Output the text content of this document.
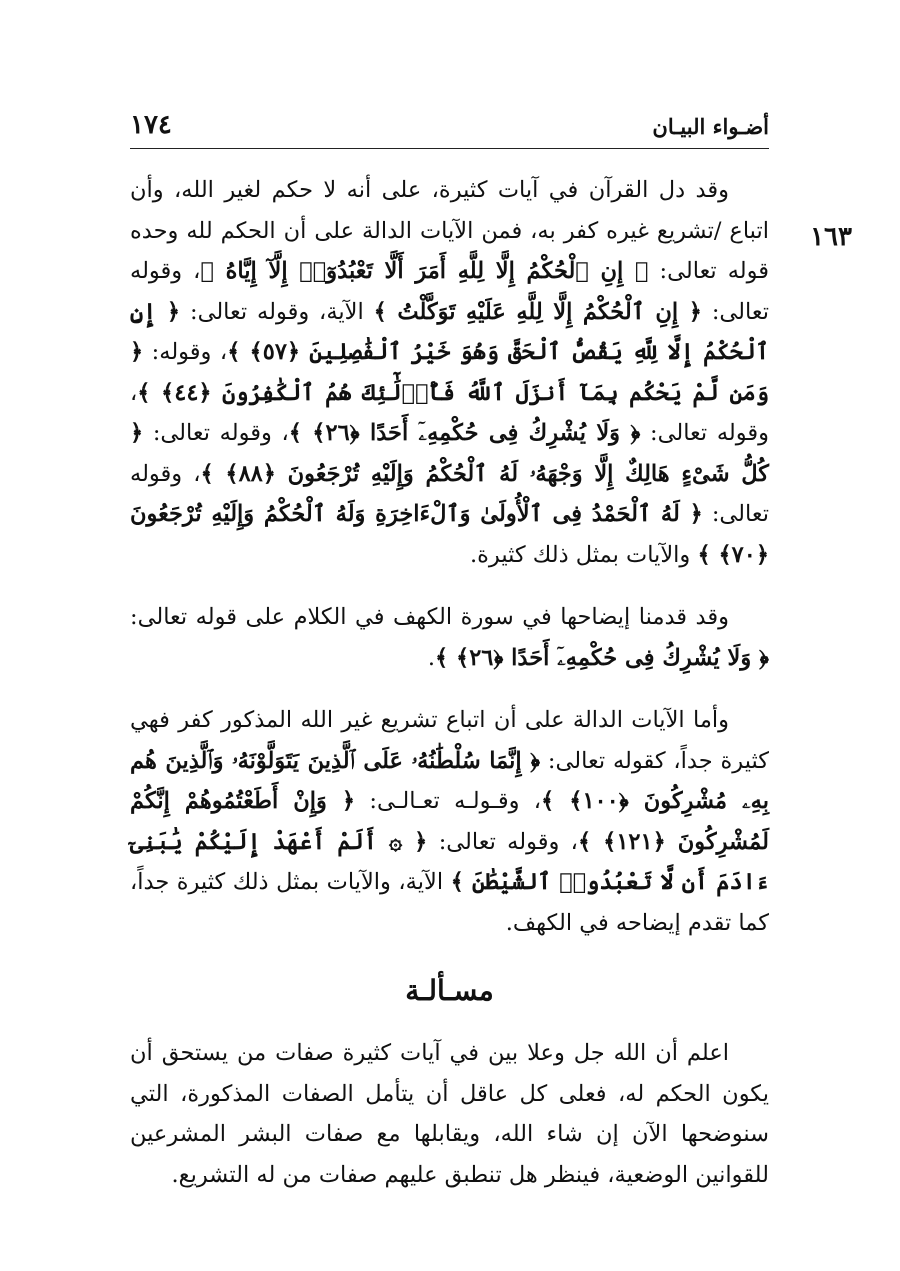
أضـواء البيـان
١٧٤
١٦٣

وقد دل القرآن في آيات كثيرة، على أنه لا حكم لغير الله، وأن اتباع /تشريع غيره كفر به، فمن الآيات الدالة على أن الحكم لله وحده قوله تعالى: ﴿ إِنِ ٱلْحُكْمُ إِلَّا لِلَّهِ أَمَرَ أَلَّا تَعْبُدُوٓا۟ إِلَّآ إِيَّاهُ ﴾، وقوله تعالى: ﴿ إِنِ ٱلْحُكْمُ إِلَّا لِلَّهِ عَلَيْهِ تَوَكَّلْتُ ﴾ الآية، وقوله تعالى: ﴿ إِنِ ٱلْحُكْمُ إِلَّا لِلَّهِ يَقُصُّ ٱلْحَقَّ وَهُوَ خَيْرُ ٱلْفَٰصِلِينَ ﴿٥٧﴾ ﴾، وقوله: ﴿ وَمَن لَّمْ يَحْكُم بِمَآ أَنزَلَ ٱللَّهُ فَأُو۟لَٰٓئِكَ هُمُ ٱلْكَٰفِرُونَ ﴿٤٤﴾ ﴾، وقوله تعالى: ﴿ وَلَا يُشْرِكُ فِى حُكْمِهِۦٓ أَحَدًا ﴿٢٦﴾ ﴾، وقوله تعالى: ﴿ كُلُّ شَىْءٍ هَالِكٌ إِلَّا وَجْهَهُۥ لَهُ ٱلْحُكْمُ وَإِلَيْهِ تُرْجَعُونَ ﴿٨٨﴾ ﴾، وقوله تعالى: ﴿ لَهُ ٱلْحَمْدُ فِى ٱلْأُولَىٰ وَٱلْءَاخِرَةِ وَلَهُ ٱلْحُكْمُ وَإِلَيْهِ تُرْجَعُونَ ﴿٧٠﴾ ﴾ والآيات بمثل ذلك كثيرة.

وقد قدمنا إيضاحها في سورة الكهف في الكلام على قوله تعالى: ﴿ وَلَا يُشْرِكُ فِى حُكْمِهِۦٓ أَحَدًا ﴿٢٦﴾ ﴾.

وأما الآيات الدالة على أن اتباع تشريع غير الله المذكور كفر فهي كثيرة جداً، كقوله تعالى: ﴿ إِنَّمَا سُلْطَٰنُهُۥ عَلَى ٱلَّذِينَ يَتَوَلَّوْنَهُۥ وَٱلَّذِينَ هُم بِهِۦ مُشْرِكُونَ ﴿١٠٠﴾ ﴾، وقـولـه تعـالـى: ﴿ وَإِنْ أَطَعْتُمُوهُمْ إِنَّكُمْ لَمُشْرِكُونَ ﴿١٢١﴾ ﴾، وقوله تعالى: ﴿ ۞ أَلَمْ أَعْهَدْ إِلَيْكُمْ يَٰبَنِىٓ ءَادَمَ أَن لَّا تَعْبُدُوا۟ ٱلشَّيْطَٰنَ ﴾ الآية، والآيات بمثل ذلك كثيرة جداً، كما تقدم إيضاحه في الكهف.

مسـألـة

اعلم أن الله جل وعلا بين في آيات كثيرة صفات من يستحق أن يكون الحكم له، فعلى كل عاقل أن يتأمل الصفات المذكورة، التي سنوضحها الآن إن شاء الله، ويقابلها مع صفات البشر المشرعين للقوانين الوضعية، فينظر هل تنطبق عليهم صفات من له التشريع.
